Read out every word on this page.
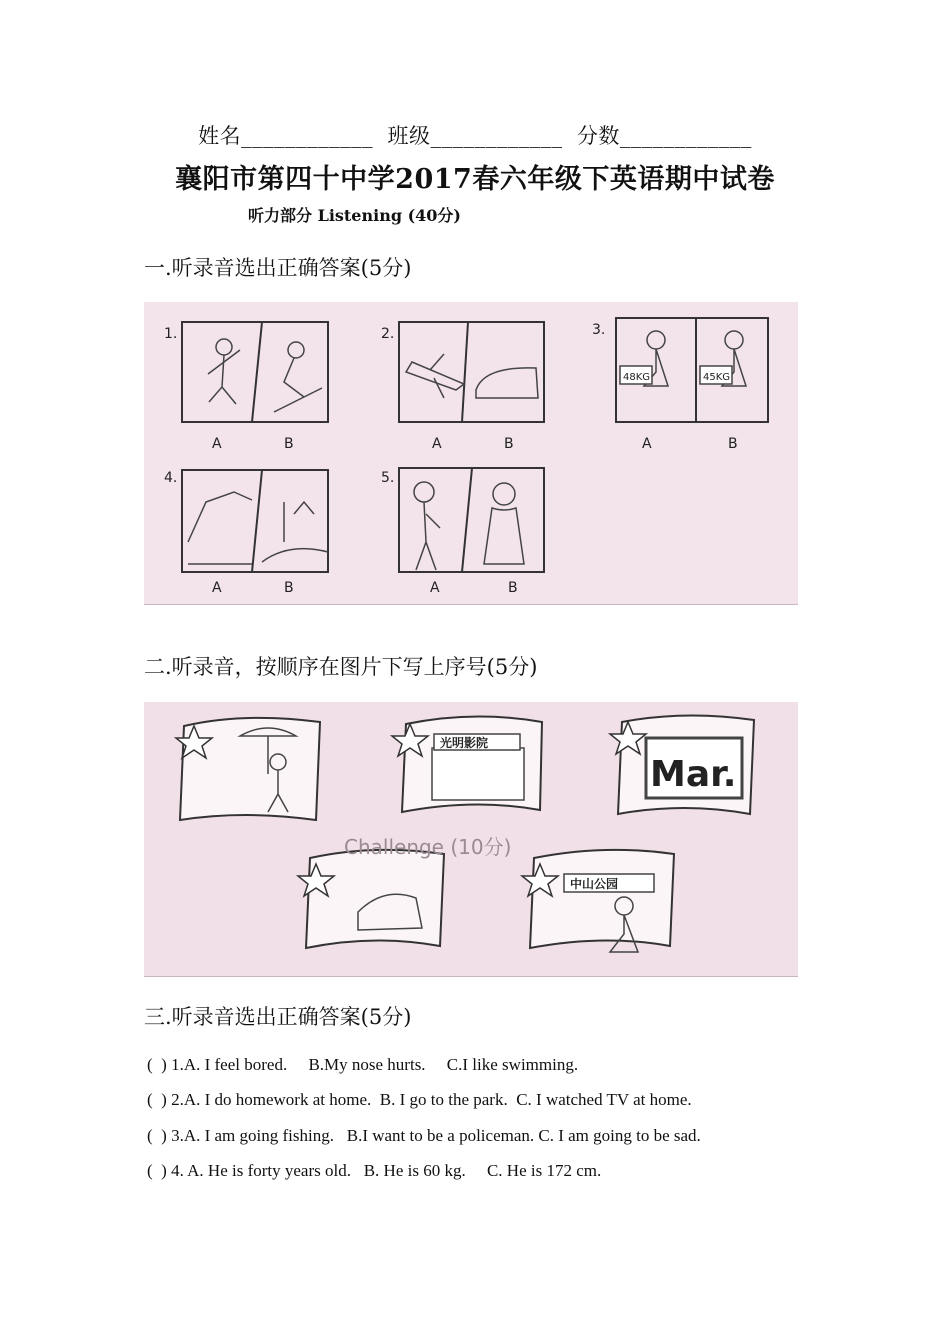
姓名____________ 班级____________ 分数____________
襄阳市第四十中学2017春六年级下英语期中试卷
听力部分 Listening (40分)
一.听录音选出正确答案(5分)
1.	2.	3.
4.	5.
A	B	A	B	A	B
A	B	A	B
48KG	45KG
二.听录音，按顺序在图片下写上序号(5分)
光明影院
Mar.
中山公园
Challenge (10分)
三.听录音选出正确答案(5分)
(  ) 1.A. I feel bored.     B.My nose hurts.     C.I like swimming.
(  ) 2.A. I do homework at home.  B. I go to the park.  C. I watched TV at home.
(  ) 3.A. I am going fishing.   B.I want to be a policeman. C. I am going to be sad.
(  ) 4. A. He is forty years old.   B. He is 60 kg.     C. He is 172 cm.
